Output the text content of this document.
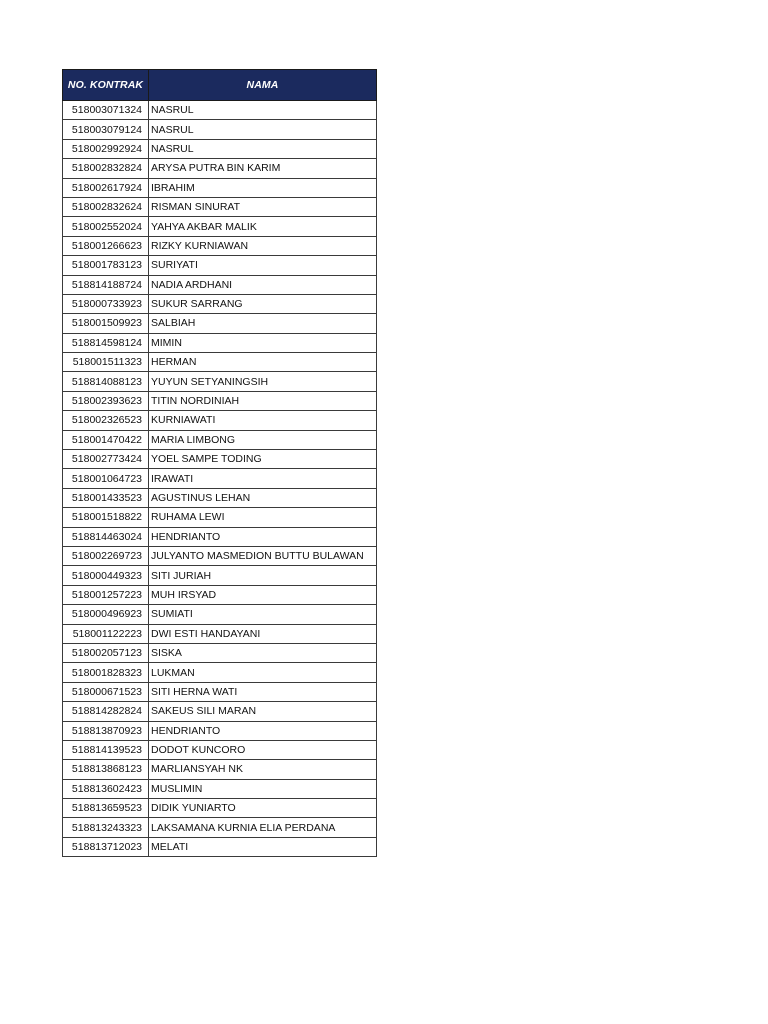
NO. KONTRAK	NAMA
518003071324	NASRUL
518003079124	NASRUL
518002992924	NASRUL
518002832824	ARYSA PUTRA BIN KARIM
518002617924	IBRAHIM
518002832624	RISMAN SINURAT
518002552024	YAHYA AKBAR MALIK
518001266623	RIZKY KURNIAWAN
518001783123	SURIYATI
518814188724	NADIA ARDHANI
518000733923	SUKUR SARRANG
518001509923	SALBIAH
518814598124	MIMIN
518001511323	HERMAN
518814088123	YUYUN SETYANINGSIH
518002393623	TITIN NORDINIAH
518002326523	KURNIAWATI
518001470422	MARIA LIMBONG
518002773424	YOEL SAMPE TODING
518001064723	IRAWATI
518001433523	AGUSTINUS LEHAN
518001518822	RUHAMA LEWI
518814463024	HENDRIANTO
518002269723	JULYANTO MASMEDION BUTTU BULAWAN
518000449323	SITI JURIAH
518001257223	MUH IRSYAD
518000496923	SUMIATI
518001122223	DWI ESTI HANDAYANI
518002057123	SISKA
518001828323	LUKMAN
518000671523	SITI HERNA WATI
518814282824	SAKEUS SILI MARAN
518813870923	HENDRIANTO
518814139523	DODOT KUNCORO
518813868123	MARLIANSYAH NK
518813602423	MUSLIMIN
518813659523	DIDIK YUNIARTO
518813243323	LAKSAMANA KURNIA ELIA PERDANA
518813712023	MELATI
